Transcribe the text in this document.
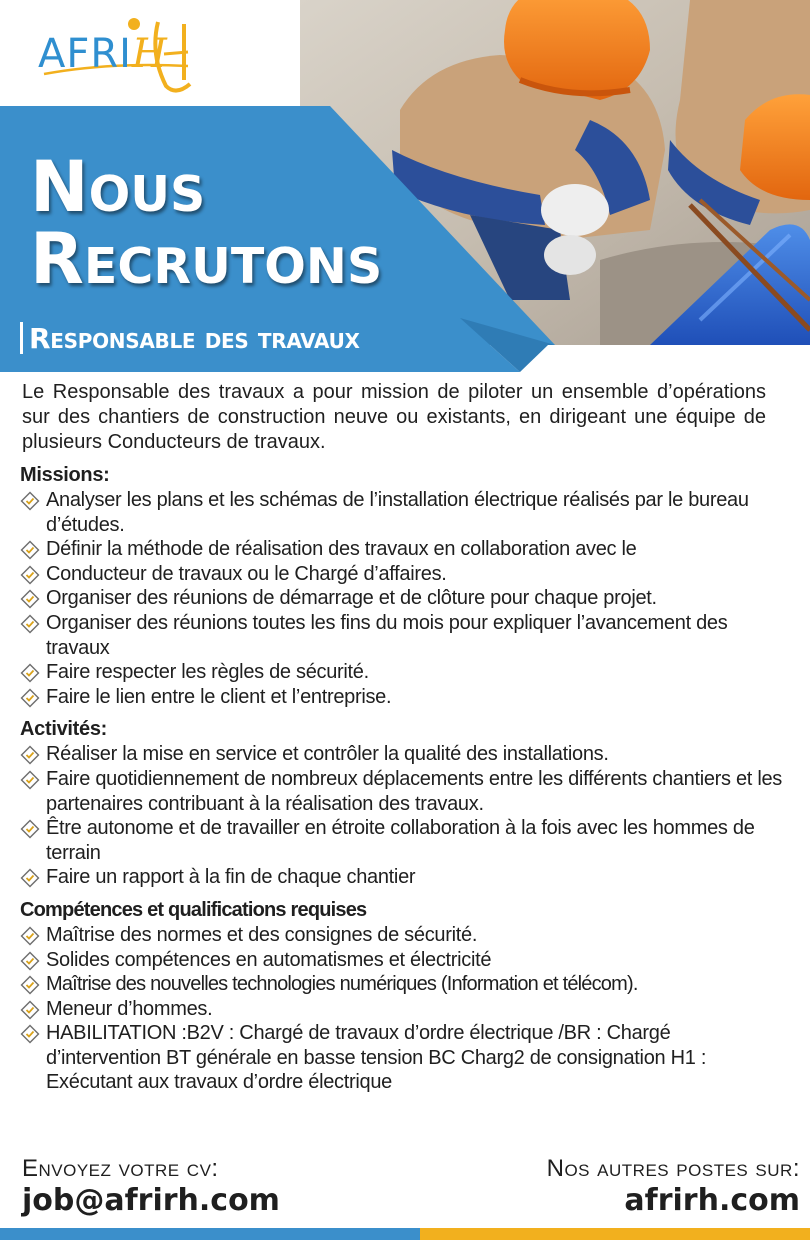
AFRIH
Nous
Recrutons
Responsable des travaux

Le Responsable des travaux a pour mission de piloter un ensemble d’opérations sur des chantiers de construction neuve ou existants, en dirigeant une équipe de plusieurs Conducteurs de travaux.

Missions:
Analyser les plans et les schémas de l’installation électrique réalisés par le bureau d’études.
Définir la méthode de réalisation des travaux en collaboration avec le
Conducteur de travaux ou le Chargé d’affaires.
Organiser des réunions de démarrage et de clôture pour chaque projet.
Organiser des réunions toutes les fins du mois pour expliquer l’avancement des travaux
Faire respecter les règles de sécurité.
Faire le lien entre le client et l’entreprise.
Activités:
Réaliser la mise en service et contrôler la qualité des installations.
Faire quotidiennement de nombreux déplacements entre les différents chantiers et les partenaires contribuant à la réalisation des travaux.
Être autonome et de travailler en étroite collaboration à la fois avec les hommes de terrain
Faire un rapport à la fin de chaque chantier
Compétences et qualifications requises
Maîtrise des normes et des consignes de sécurité.
Solides compétences en automatismes et électricité
Maîtrise des nouvelles technologies numériques (Information et télécom).
Meneur d’hommes.
HABILITATION :B2V : Chargé de travaux d’ordre électrique /BR : Chargé d’intervention BT générale en basse tension BC Charg2 de consignation H1 : Exécutant aux travaux d’ordre électrique
Envoyez votre cv:
job@afrirh.com
Nos autres postes sur:
afrirh.com
